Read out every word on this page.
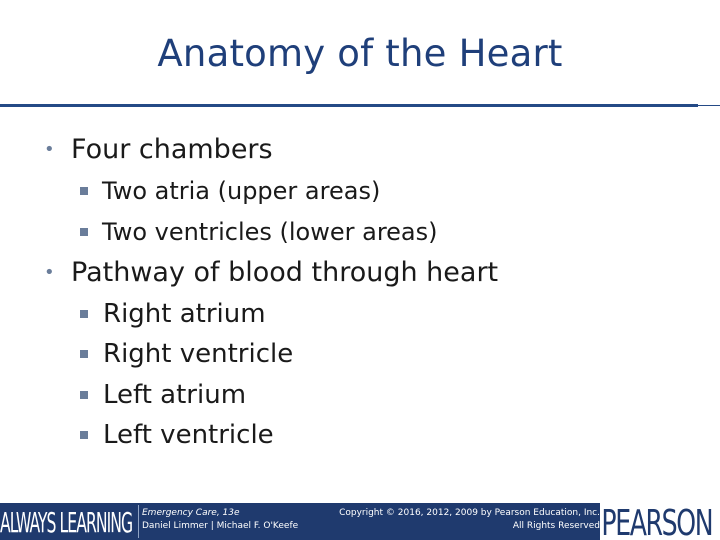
Anatomy of the Heart
• Four chambers
Two atria (upper areas)
Two ventricles (lower areas)
• Pathway of blood through heart
Right atrium
Right ventricle
Left atrium
Left ventricle
ALWAYS LEARNING	Emergency Care, 13e
Daniel Limmer | Michael F. O'Keefe
Copyright © 2016, 2012, 2009 by Pearson Education, Inc.
All Rights Reserved PEARSON
